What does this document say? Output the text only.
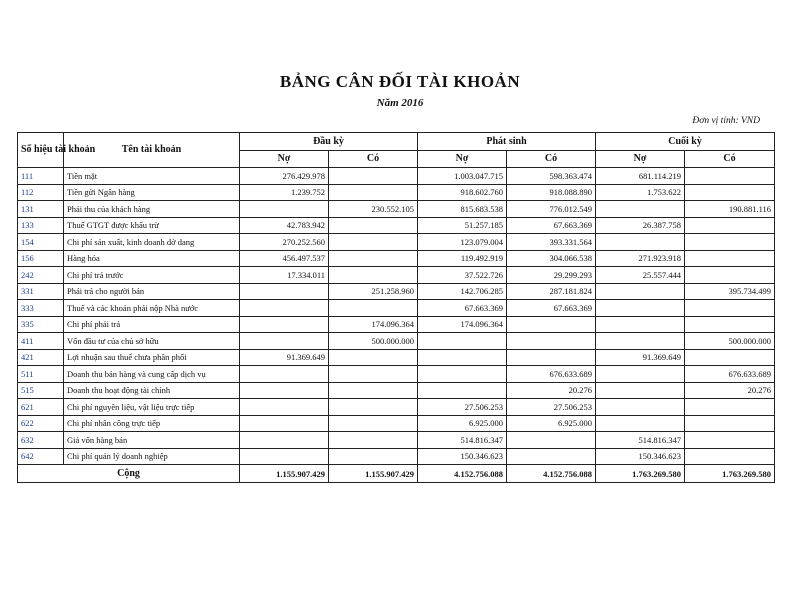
BẢNG CÂN ĐỐI TÀI KHOẢN
Năm 2016
Đơn vị tính: VND
Số hiệu tài khoản	Tên tài khoản	Đầu kỳ		Phát sinh		Cuối kỳ	
		Nợ	Có	Nợ	Có	Nợ	Có
111	Tiền mặt	276.429.978		1.003.047.715	598.363.474	681.114.219	
112	Tiền gửi Ngân hàng	1.239.752		918.602.760	918.088.890	1.753.622	
131	Phải thu của khách hàng		230.552.105	815.683.538	776.012.549		190.881.116
133	Thuế GTGT được khấu trừ	42.783.942		51.257.185	67.663.369	26.387.758	
154	Chi phí sản xuất, kinh doanh dở dang	270.252.560		123.079.004	393.331.564		
156	Hàng hóa	456.497.537		119.492.919	304.066.538	271.923.918	
242	Chi phí trả trước	17.334.011		37.522.726	29.299.293	25.557.444	
331	Phải trả cho người bán		251.258.960	142.706.285	287.181.824		395.734.499
333	Thuế và các khoản phải nộp Nhà nước			67.663.369	67.663.369		
335	Chi phí phải trả		174.096.364	174.096.364			
411	Vốn đầu tư của chủ sở hữu		500.000.000				500.000.000
421	Lợi nhuận sau thuế chưa phân phối	91.369.649				91.369.649	
511	Doanh thu bán hàng và cung cấp dịch vụ				676.633.689		676.633.689
515	Doanh thu hoạt động tài chính				20.276		20.276
621	Chi phí nguyên liệu, vật liệu trực tiếp			27.506.253	27.506.253		
622	Chi phí nhân công trực tiếp			6.925.000	6.925.000		
632	Giá vốn hàng bán			514.816.347		514.816.347	
642	Chi phí quản lý doanh nghiệp			150.346.623		150.346.623	
Cộng		1.155.907.429	1.155.907.429	4.152.756.088	4.152.756.088	1.763.269.580	1.763.269.580
